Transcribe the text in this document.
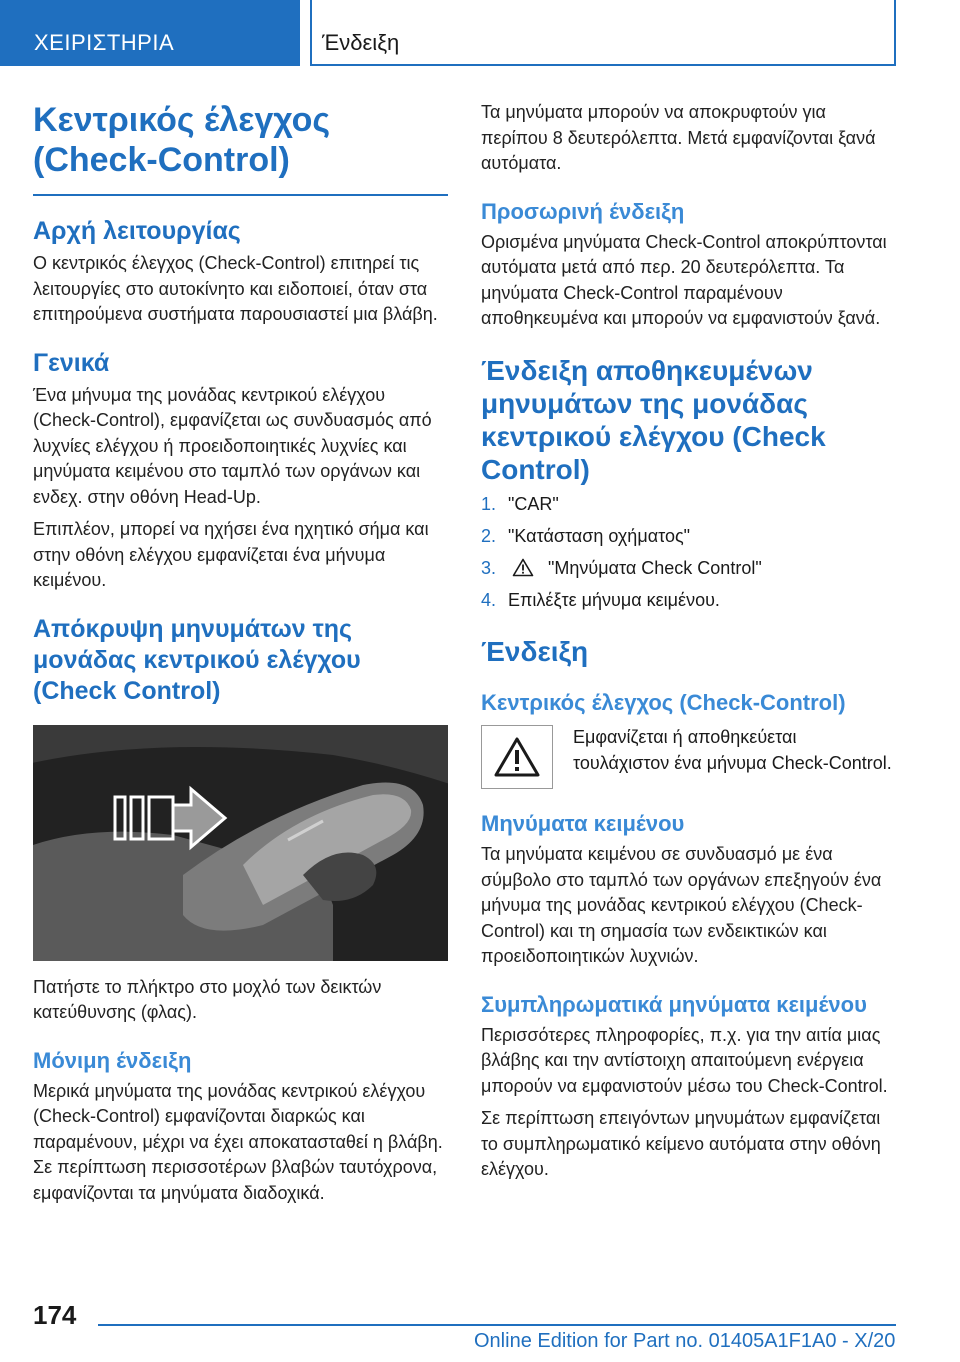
ΧΕΙΡΙΣΤΗΡΙΑ	Ένδειξη
Κεντρικός έλεγχος (Check-Control)
Αρχή λειτουργίας
Ο κεντρικός έλεγχος (Check-Control) επιτηρεί τις λειτουργίες στο αυτοκίνητο και ειδοποιεί, όταν στα επιτηρούμενα συστήματα παρουσιαστεί μια βλάβη.
Γενικά
Ένα μήνυμα της μονάδας κεντρικού ελέγχου (Check-Control), εμφανίζεται ως συνδυασμός από λυχνίες ελέγχου ή προειδοποιητικές λυχνίες και μηνύματα κειμένου στο ταμπλό των οργάνων και ενδεχ. στην οθόνη Head-Up.
Επιπλέον, μπορεί να ηχήσει ένα ηχητικό σήμα και στην οθόνη ελέγχου εμφανίζεται ένα μήνυμα κειμένου.
Απόκρυψη μηνυμάτων της μονάδας κεντρικού ελέγχου (Check Control)
Πατήστε το πλήκτρο στο μοχλό των δεικτών κατεύθυνσης (φλας).
Μόνιμη ένδειξη
Μερικά μηνύματα της μονάδας κεντρικού ελέγχου (Check-Control) εμφανίζονται διαρκώς και παραμένουν, μέχρι να έχει αποκατασταθεί η βλάβη. Σε περίπτωση περισσοτέρων βλαβών ταυτόχρονα, εμφανίζονται τα μηνύματα διαδοχικά.
Τα μηνύματα μπορούν να αποκρυφτούν για περίπου 8 δευτερόλεπτα. Μετά εμφανίζονται ξανά αυτόματα.
Προσωρινή ένδειξη
Ορισμένα μηνύματα Check-Control αποκρύπτονται αυτόματα μετά από περ. 20 δευτερόλεπτα. Τα μηνύματα Check-Control παραμένουν αποθηκευμένα και μπορούν να εμφανιστούν ξανά.
Ένδειξη αποθηκευμένων μηνυμάτων της μονάδας κεντρικού ελέγχου (Check Control)
1. "CAR"
2. "Κατάσταση οχήματος"
3.	"Μηνύματα Check Control"
4. Επιλέξτε μήνυμα κειμένου.
Ένδειξη
Κεντρικός έλεγχος (Check-Control)
Εμφανίζεται ή αποθηκεύεται τουλάχιστον ένα μήνυμα Check-Control.
Μηνύματα κειμένου
Τα μηνύματα κειμένου σε συνδυασμό με ένα σύμβολο στο ταμπλό των οργάνων επεξηγούν ένα μήνυμα της μονάδας κεντρικού ελέγχου (Check-Control) και τη σημασία των ενδεικτικών και προειδοποιητικών λυχνιών.
Συμπληρωματικά μηνύματα κειμένου
Περισσότερες πληροφορίες, π.χ. για την αιτία μιας βλάβης και την αντίστοιχη απαιτούμενη ενέργεια μπορούν να εμφανιστούν μέσω του Check-Control.
Σε περίπτωση επειγόντων μηνυμάτων εμφανίζεται το συμπληρωματικό κείμενο αυτόματα στην οθόνη ελέγχου.
174
Online Edition for Part no. 01405A1F1A0 - X/20
